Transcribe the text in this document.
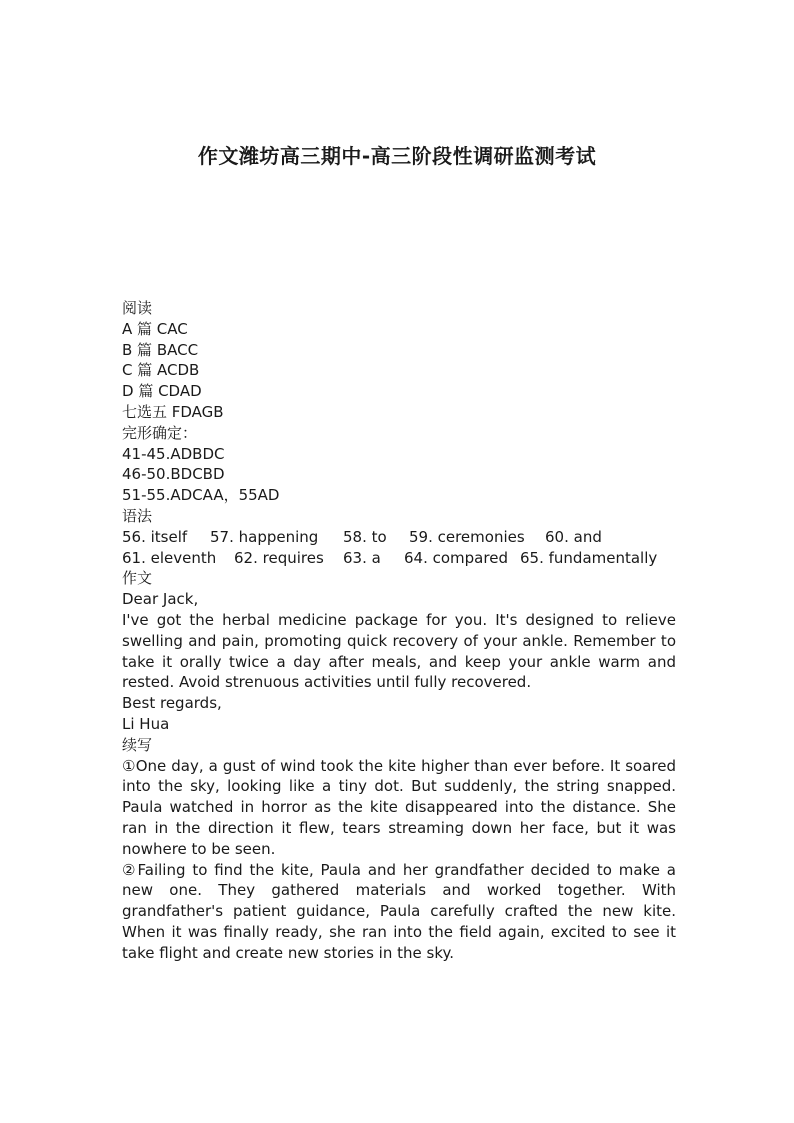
作文潍坊高三期中-高三阶段性调研监测考试
阅读
A 篇 CAC
B 篇 BACC
C 篇 ACDB
D 篇 CDAD
七选五 FDAGB
完形确定：
41-45.ADBDC
46-50.BDCBD
51-55.ADCAA，55AD
语法
56. itself	57. happening	58. to	59. ceremonies	60. and
61. eleventh	62. requires	63. a	64. compared 65. fundamentally
作文
Dear Jack,
I've got the herbal medicine package for you. It's designed to relieve swelling and pain, promoting quick recovery of your ankle. Remember to take it orally twice a day after meals, and keep your ankle warm and rested. Avoid strenuous activities until fully recovered.
Best regards,
Li Hua
续写
①One day, a gust of wind took the kite higher than ever before. It soared into the sky, looking like a tiny dot. But suddenly, the string snapped. Paula watched in horror as the kite disappeared into the distance. She ran in the direction it flew, tears streaming down her face, but it was nowhere to be seen.
②Failing to find the kite, Paula and her grandfather decided to make a new one. They gathered materials and worked together. With grandfather's patient guidance, Paula carefully crafted the new kite. When it was finally ready, she ran into the field again, excited to see it take flight and create new stories in the sky.
